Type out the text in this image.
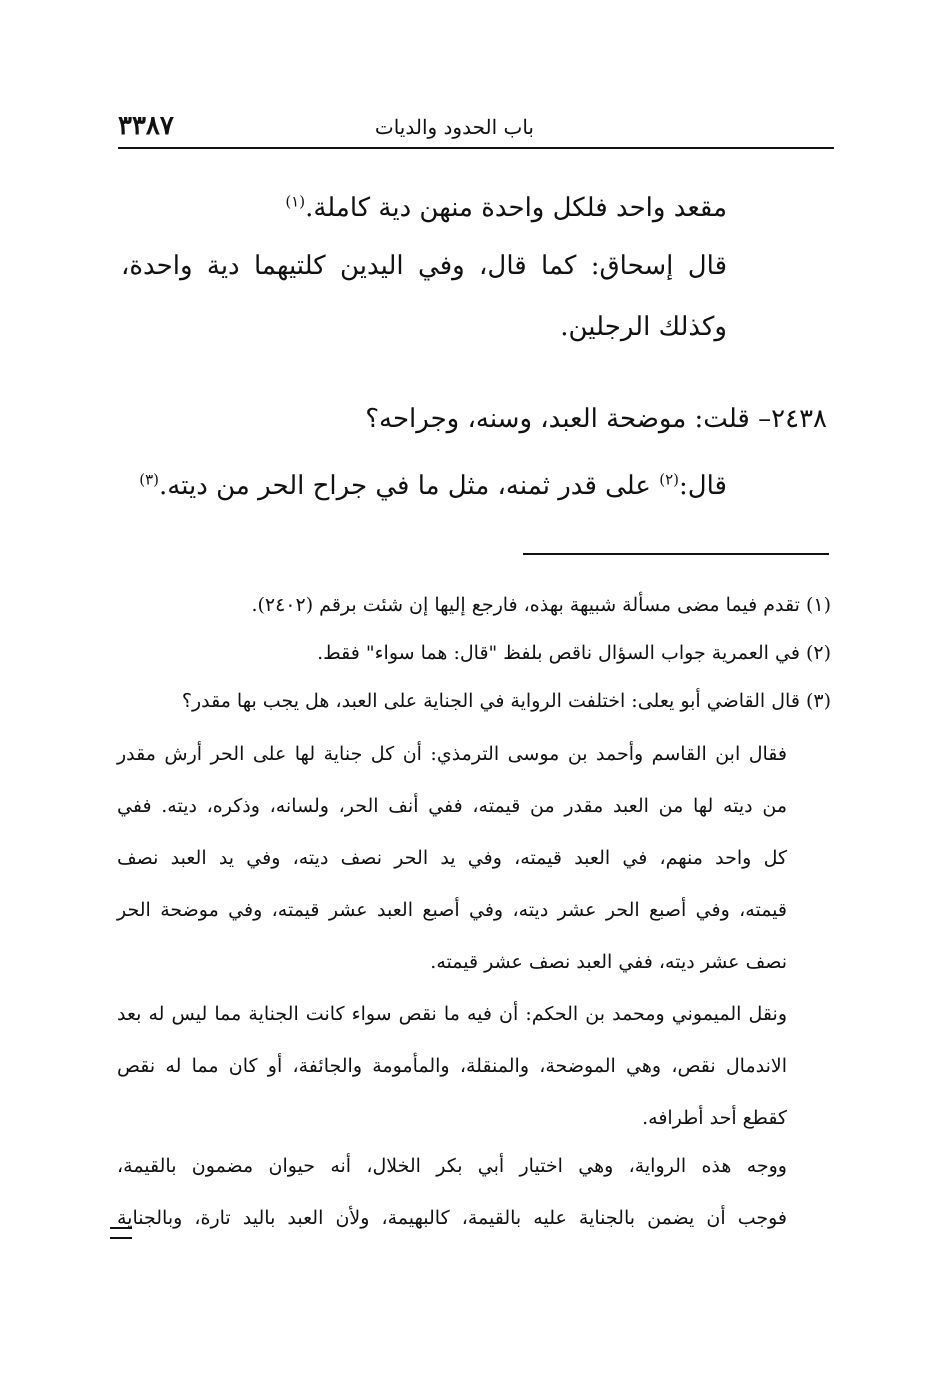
٣٣٨٧	باب الحدود والديات
مقعد واحد فلكل واحدة منهن دية كاملة.$^{(١)}$
قال إسحاق: كما قال، وفي اليدين كلتيهما دية واحدة،
وكذلك الرجلين.
٢٤٣٨– قلت: موضحة العبد، وسنه، وجراحه؟
قال:$^{(٢)}$ على قدر ثمنه، مثل ما في جراح الحر من ديته.$^{(٣)}$
(١) تقدم فيما مضى مسألة شبيهة بهذه، فارجع إليها إن شئت برقم (٢٤٠٢).
(٢) في العمرية جواب السؤال ناقص بلفظ "قال: هما سواء" فقط.
(٣) قال القاضي أبو يعلى: اختلفت الرواية في الجناية على العبد، هل يجب بها مقدر؟
فقال ابن القاسم وأحمد بن موسى الترمذي: أن كل جناية لها على الحر أرش مقدر
من ديته لها من العبد مقدر من قيمته، ففي أنف الحر، ولسانه، وذكره، ديته. ففي
كل واحد منهم، في العبد قيمته، وفي يد الحر نصف ديته، وفي يد العبد نصف
قيمته، وفي أصبع الحر عشر ديته، وفي أصبع العبد عشر قيمته، وفي موضحة الحر
نصف عشر ديته، ففي العبد نصف عشر قيمته.
ونقل الميموني ومحمد بن الحكم: أن فيه ما نقص سواء كانت الجناية مما ليس له بعد
الاندمال نقص، وهي الموضحة، والمنقلة، والمأمومة والجائفة، أو كان مما له نقص
كقطع أحد أطرافه.
ووجه هذه الرواية، وهي اختيار أبي بكر الخلال، أنه حيوان مضمون بالقيمة،
فوجب أن يضمن بالجناية عليه بالقيمة، كالبهيمة، ولأن العبد باليد تارة، وبالجناية
